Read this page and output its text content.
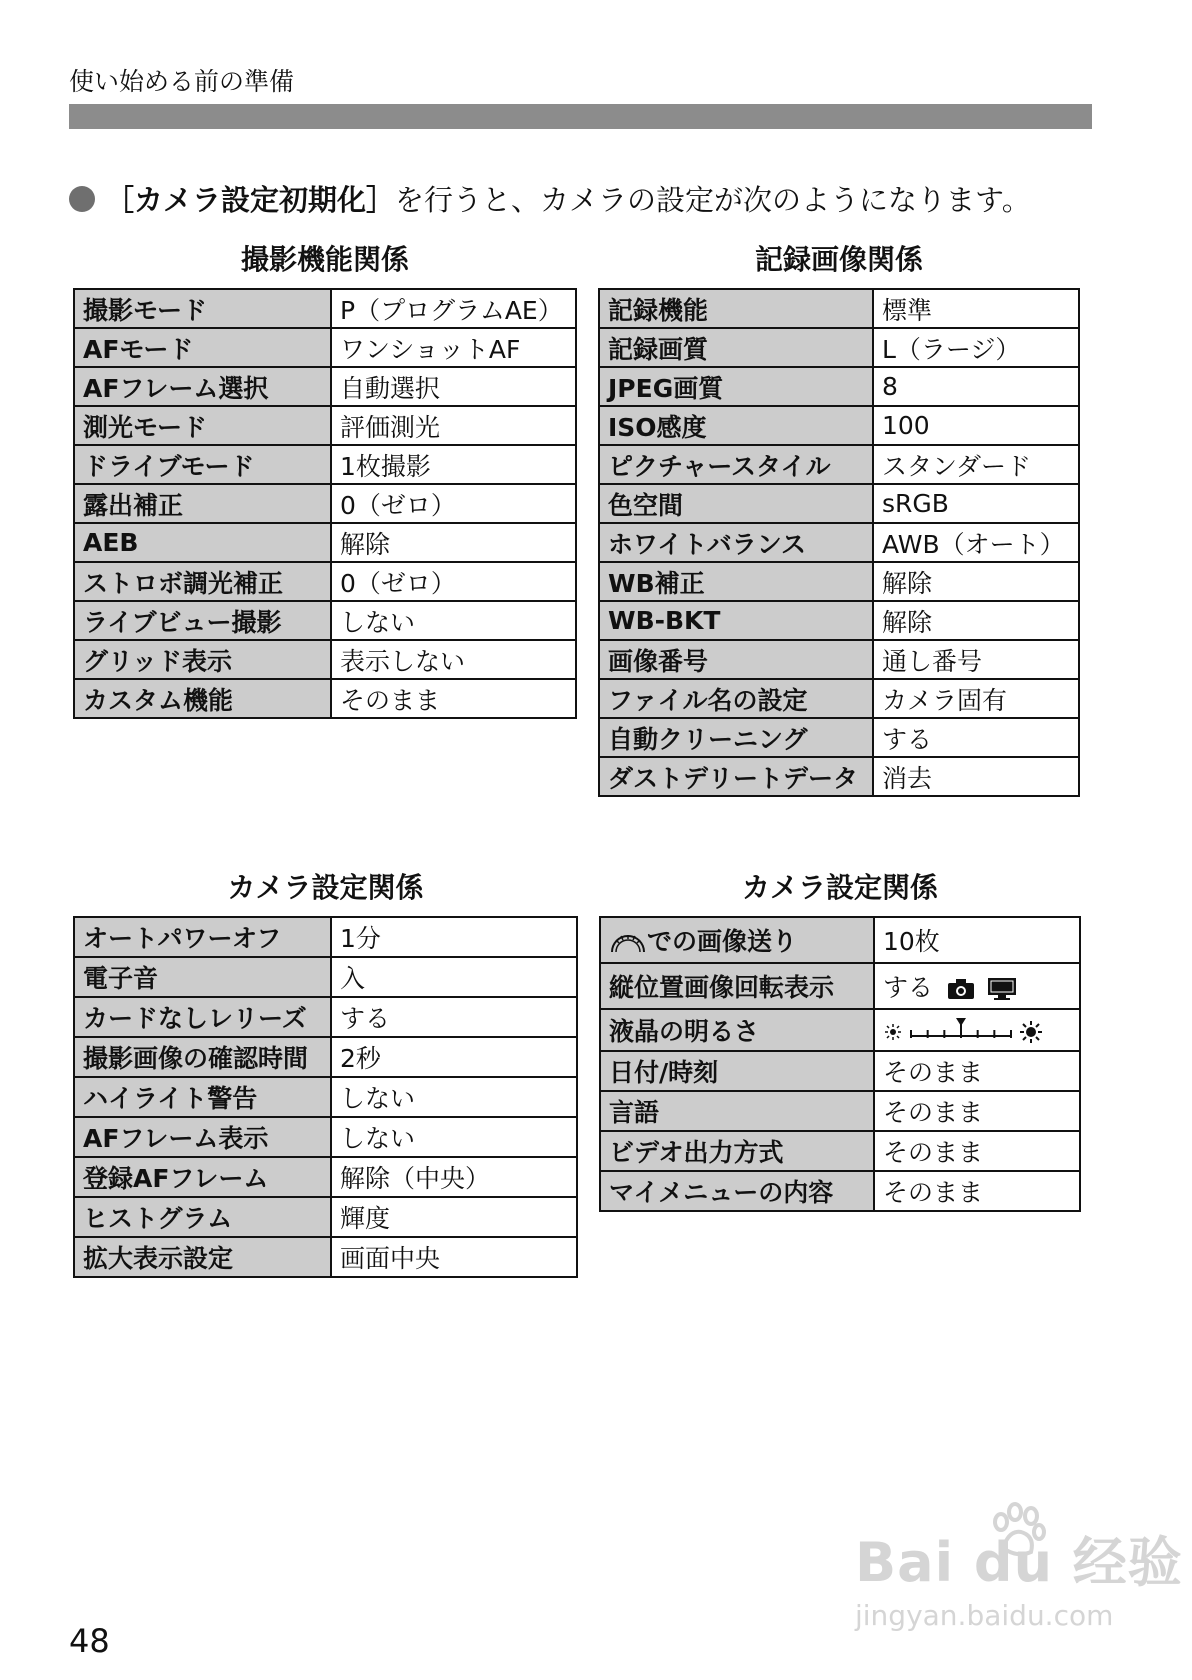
使い始める前の準備
［カメラ設定初期化］ を行うと、カメラの設定が次のようになります。
撮影機能関係
撮影モード	P（プログラムAE）
AFモード	ワンショットAF
AFフレーム選択	自動選択
測光モード	評価測光
ドライブモード	1枚撮影
露出補正	0（ゼロ）
AEB	解除
ストロボ調光補正	0（ゼロ）
ライブビュー撮影	しない
グリッド表示	表示しない
カスタム機能	そのまま
記録画像関係
記録機能	標準
記録画質	L（ラージ）
JPEG画質	8
ISO感度	100
ピクチャースタイル	スタンダード
色空間	sRGB
ホワイトバランス	AWB（オート）
WB補正	解除
WB-BKT	解除
画像番号	通し番号
ファイル名の設定	カメラ固有
自動クリーニング	する
ダストデリートデータ	消去
カメラ設定関係
オートパワーオフ	1分
電子音	入
カードなしレリーズ	する
撮影画像の確認時間	2秒
ハイライト警告	しない
AFフレーム表示	しない
登録AFフレーム	解除（中央）
ヒストグラム	輝度
拡大表示設定	画面中央
カメラ設定関係
での画像送り	10枚
縦位置画像回転表示	する
液晶の明るさ	
日付/時刻	そのまま
言語	そのまま
ビデオ出力方式	そのまま
マイメニューの内容	そのまま
48
Bai du 经验
jingyan.baidu.com
